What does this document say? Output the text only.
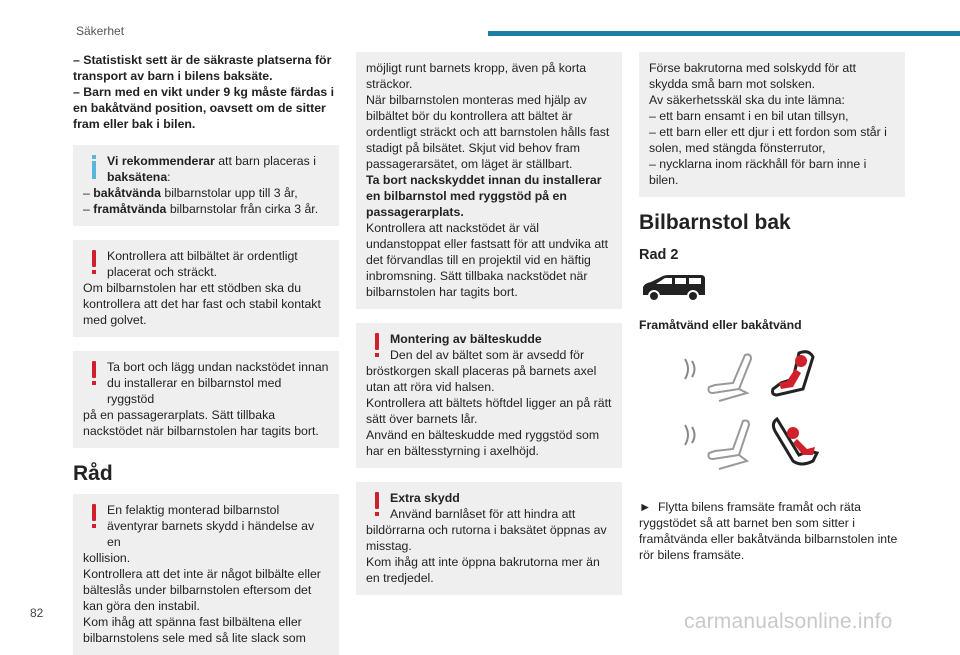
Säkerhet

– Statistiskt sett är de säkraste platserna för transport av barn i bilens baksäte.

– Barn med en vikt under 9 kg måste färdas i en bakåtvänd position, oavsett om de sitter fram eller bak i bilen.

Vi rekommenderar att barn placeras i
baksätena:

– bakåtvända bilbarnstolar upp till 3 år,

– framåtvända bilbarnstolar från cirka 3 år.

Kontrollera att bilbältet är ordentligt placerat och sträckt.

Om bilbarnstolen har ett stödben ska du kontrollera att det har fast och stabil kontakt med golvet.

Ta bort och lägg undan nackstödet innan du installerar en bilbarnstol med ryggstöd

på en passagerarplats. Sätt tillbaka nackstödet när bilbarnstolen har tagits bort.

Råd

En felaktig monterad bilbarnstol äventyrar barnets skydd i händelse av en

kollision.

Kontrollera att det inte är något bilbälte eller bälteslås under bilbarnstolen eftersom det kan göra den instabil.

Kom ihåg att spänna fast bilbältena eller bilbarnstolens sele med så lite slack som

möjligt runt barnets kropp, även på korta sträckor.

När bilbarnstolen monteras med hjälp av bilbältet bör du kontrollera att bältet är ordentligt sträckt och att barnstolen hålls fast stadigt på bilsätet. Skjut vid behov fram passagerarsätet, om läget är ställbart.

Ta bort nackskyddet innan du installerar en bilbarnstol med ryggstöd på en passagerarplats.

Kontrollera att nackstödet är väl undanstoppat eller fastsatt för att undvika att det förvandlas till en projektil vid en häftig inbromsning. Sätt tillbaka nackstödet när bilbarnstolen har tagits bort.

Montering av bälteskudde

Den del av bältet som är avsedd för

bröstkorgen skall placeras på barnets axel utan att röra vid halsen.

Kontrollera att bältets höftdel ligger an på rätt sätt över barnets lår.

Använd en bälteskudde med ryggstöd som har en bältesstyrning i axelhöjd.

Extra skydd

Använd barnlåset för att hindra att

bildörrarna och rutorna i baksätet öppnas av misstag.

Kom ihåg att inte öppna bakrutorna mer än en tredjedel.

Förse bakrutorna med solskydd för att skydda små barn mot solsken.

Av säkerhetsskäl ska du inte lämna:

– ett barn ensamt i en bil utan tillsyn,

– ett barn eller ett djur i ett fordon som står i solen, med stängda fönsterrutor,

– nycklarna inom räckhåll för barn inne i bilen.

Bilbarnstol bak
Rad 2
Framåtvänd eller bakåtvänd

► Flytta bilens framsäte framåt och räta ryggstödet så att barnet ben som sitter i framåtvända eller bakåtvända bilbarnstolen inte rör bilens framsäte.

82	carmanualsonline.info
